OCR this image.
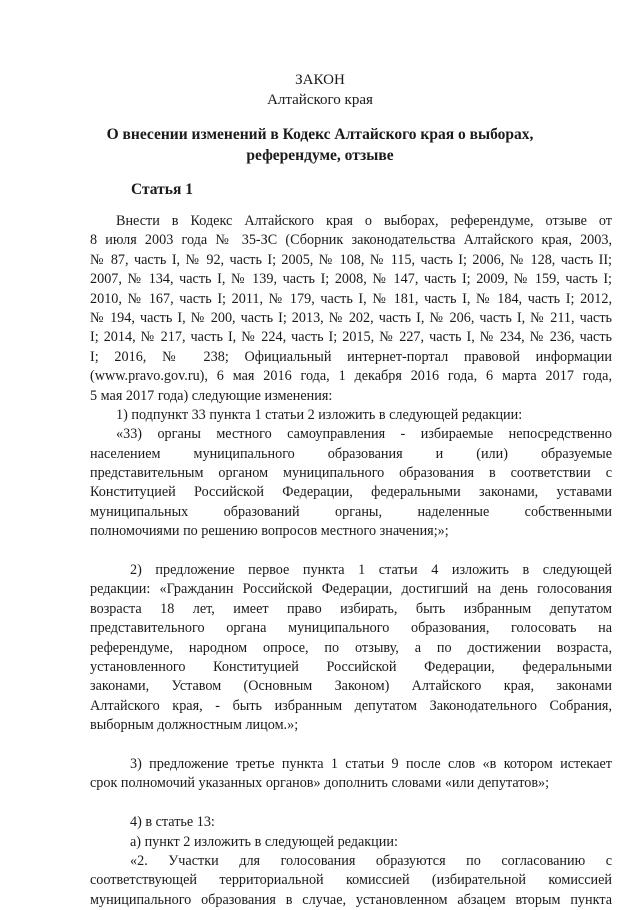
ЗАКОН
Алтайского края
О внесении изменений в Кодекс Алтайского края о выборах,
референдуме, отзыве
Статья 1
Внести в Кодекс Алтайского края о выборах, референдуме, отзыве от
8 июля 2003 года № 35-ЗС (Сборник законодательства Алтайского края, 2003,
№ 87, часть I, № 92, часть I; 2005, № 108, № 115, часть I; 2006, № 128, часть II;
2007, № 134, часть I, № 139, часть I; 2008, № 147, часть I; 2009, № 159, часть I;
2010, № 167, часть I; 2011, № 179, часть I, № 181, часть I, № 184, часть I; 2012,
№ 194, часть I, № 200, часть I; 2013, № 202, часть I, № 206, часть I, № 211, часть
I; 2014, № 217, часть I, № 224, часть I; 2015, № 227, часть I, № 234, № 236, часть
I; 2016, № 238; Официальный интернет-портал правовой информации
(www.pravo.gov.ru), 6 мая 2016 года, 1 декабря 2016 года, 6 марта 2017 года,
5 мая 2017 года) следующие изменения:
1) подпункт 33 пункта 1 статьи 2 изложить в следующей редакции:
«33) органы местного самоуправления - избираемые непосредственно
населением муниципального образования и (или) образуемые
представительным органом муниципального образования в соответствии с
Конституцией Российской Федерации, федеральными законами, уставами
муниципальных образований органы, наделенные собственными
полномочиями по решению вопросов местного значения;»;
2) предложение первое пункта 1 статьи 4 изложить в следующей
редакции: «Гражданин Российской Федерации, достигший на день голосования
возраста 18 лет, имеет право избирать, быть избранным депутатом
представительного органа муниципального образования, голосовать на
референдуме, народном опросе, по отзыву, а по достижении возраста,
установленного Конституцией Российской Федерации, федеральными
законами, Уставом (Основным Законом) Алтайского края, законами
Алтайского края, - быть избранным депутатом Законодательного Собрания,
выборным должностным лицом.»;
3) предложение третье пункта 1 статьи 9 после слов «в котором истекает
срок полномочий указанных органов» дополнить словами «или депутатов»;
4) в статье 13:
а) пункт 2 изложить в следующей редакции:
«2. Участки для голосования образуются по согласованию с
соответствующей территориальной комиссией (избирательной комиссией
муниципального образования в случае, установленном абзацем вторым пункта
